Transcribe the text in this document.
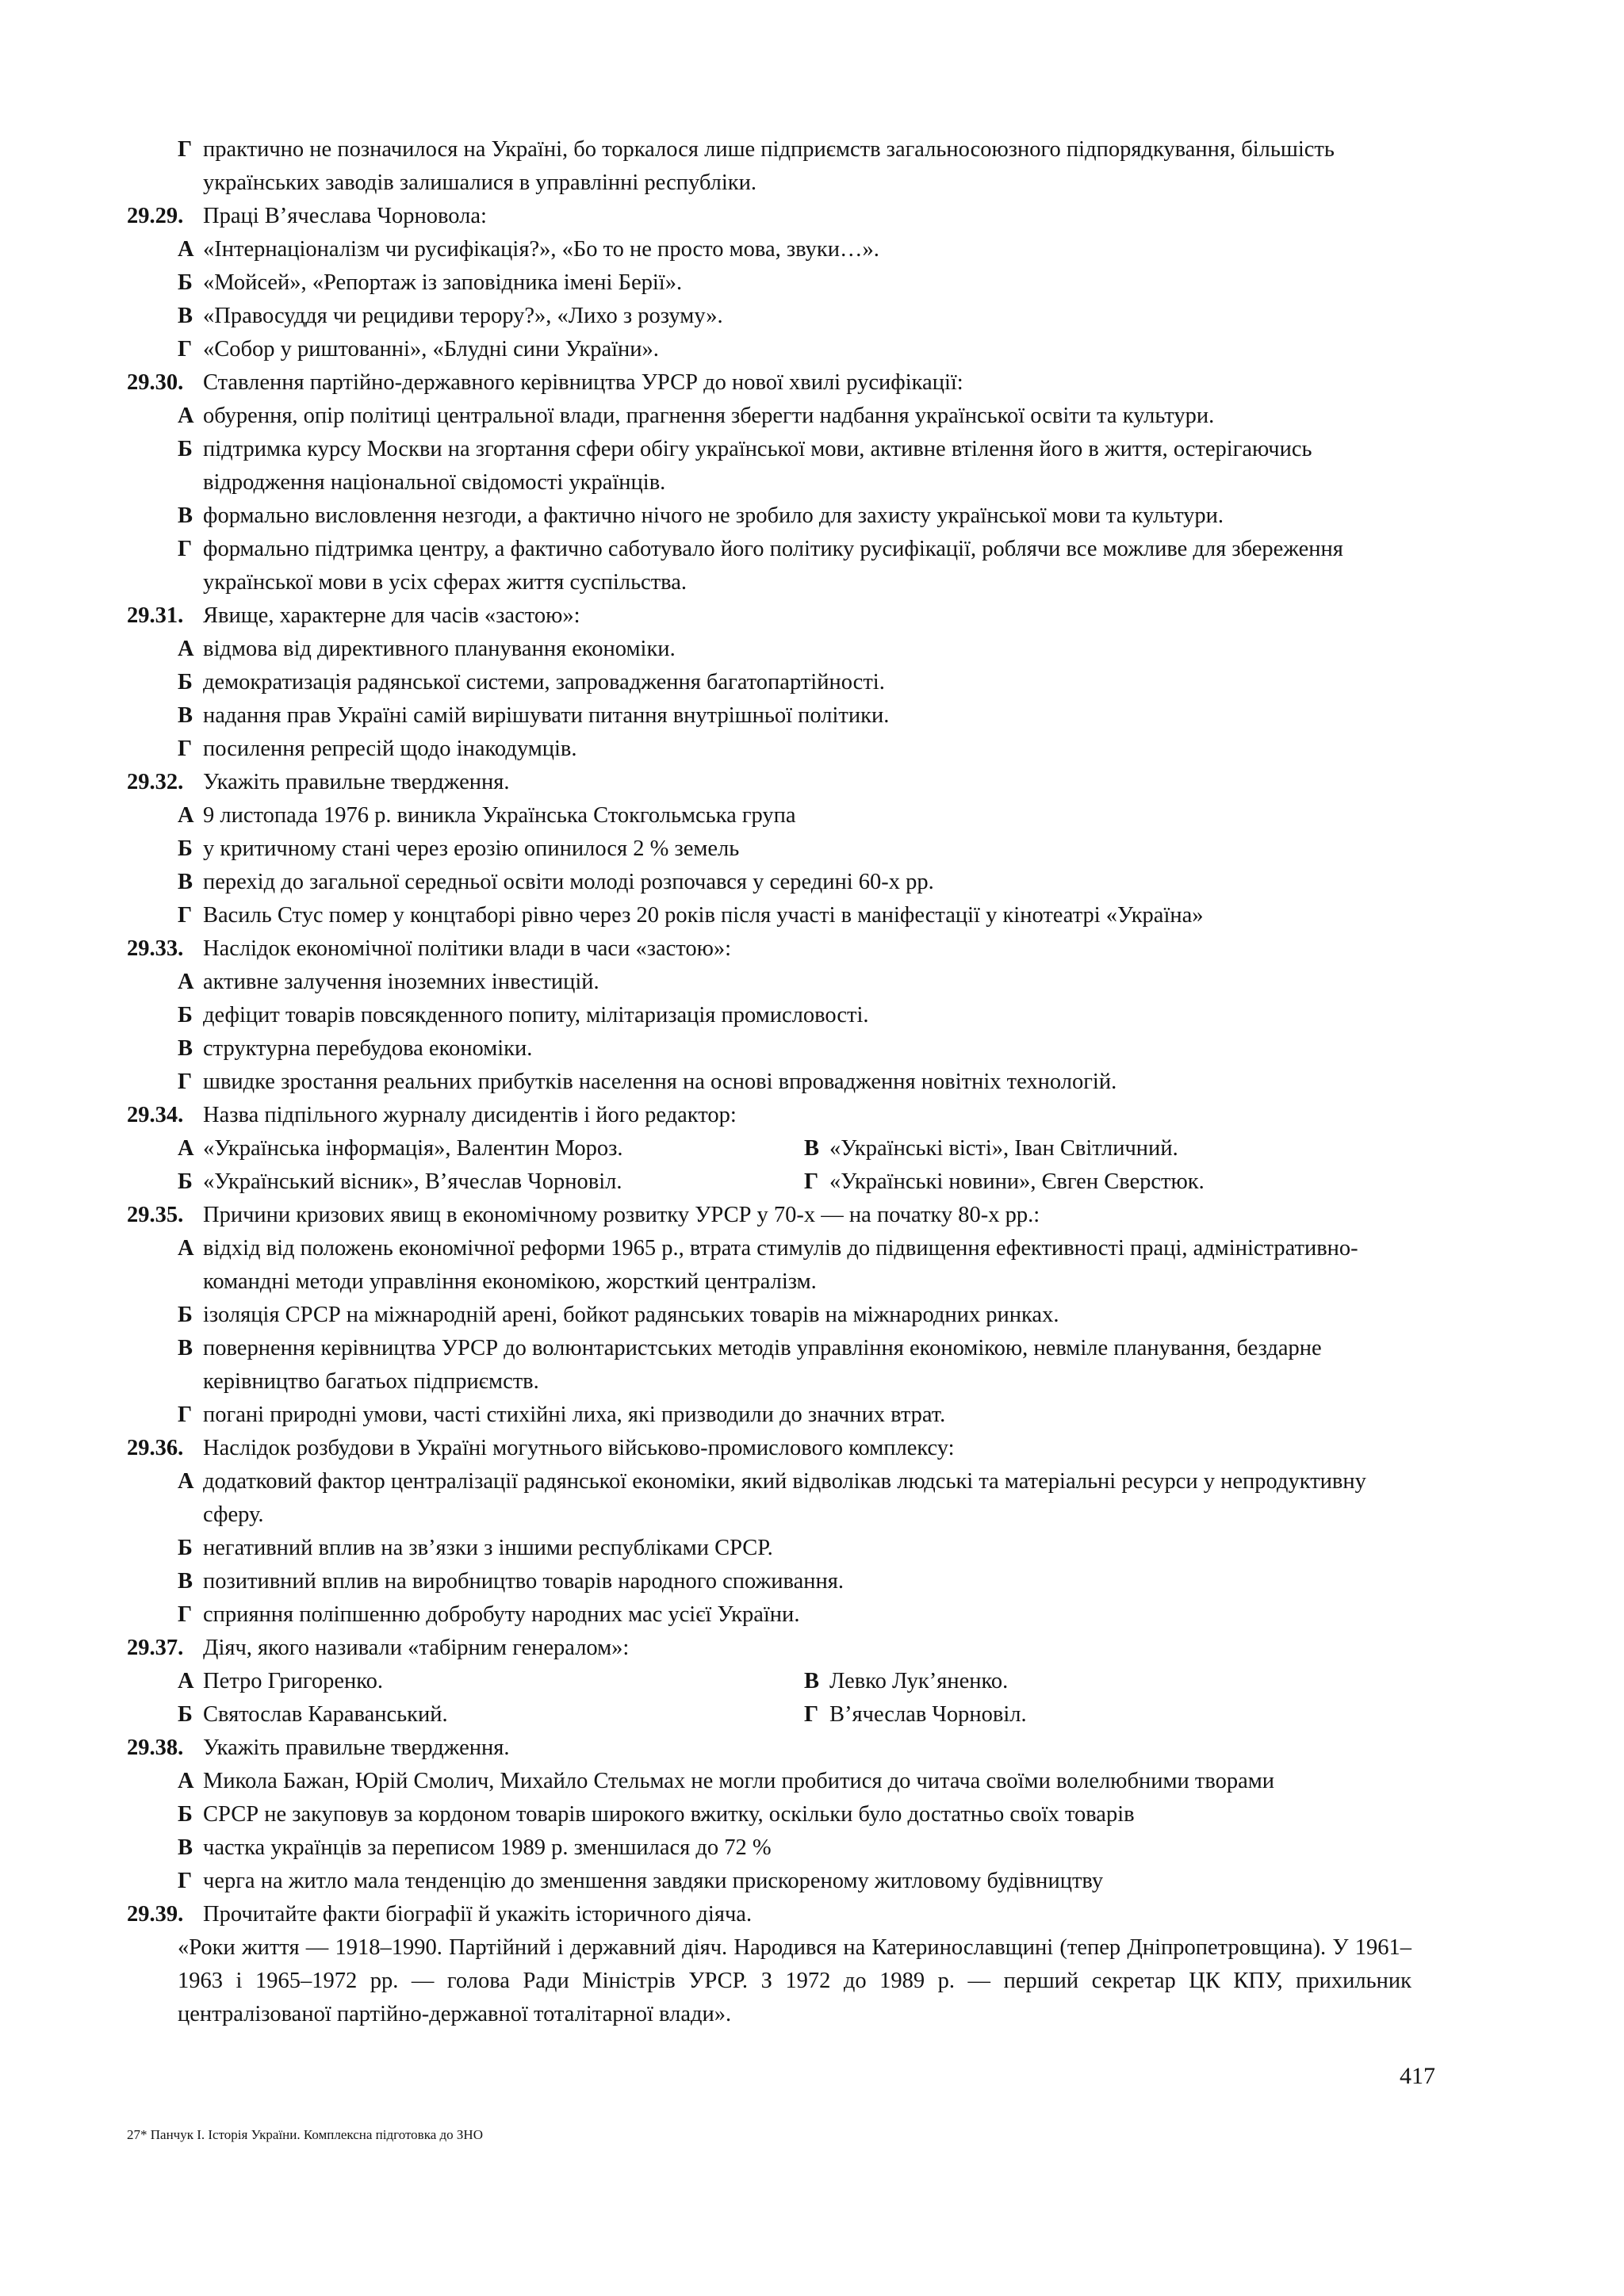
Г практично не позначилося на Україні, бо торкалося лише підприємств загальносоюзного підпорядкування, більшість українських заводів залишалися в управлінні республіки.
29.29. Праці В’ячеслава Чорновола:
А «Інтернаціоналізм чи русифікація?», «Бо то не просто мова, звуки…».
Б «Мойсей», «Репортаж із заповідника імені Берії».
В «Правосуддя чи рецидиви терору?», «Лихо з розуму».
Г «Собор у риштованні», «Блудні сини України».
29.30. Ставлення партійно-державного керівництва УРСР до нової хвилі русифікації:
А обурення, опір політиці центральної влади, прагнення зберегти надбання української освіти та культури.
Б підтримка курсу Москви на згортання сфери обігу української мови, активне втілення його в життя, остерігаючись відродження національної свідомості українців.
В формально висловлення незгоди, а фактично нічого не зробило для захисту української мови та культури.
Г формально підтримка центру, а фактично саботувало його політику русифікації, роблячи все можливе для збереження української мови в усіх сферах життя суспільства.
29.31. Явище, характерне для часів «застою»:
А відмова від директивного планування економіки.
Б демократизація радянської системи, запровадження багатопартійності.
В надання прав Україні самій вирішувати питання внутрішньої політики.
Г посилення репресій щодо інакодумців.
29.32. Укажіть правильне твердження.
А 9 листопада 1976 р. виникла Українська Стокгольмська група
Б у критичному стані через ерозію опинилося 2 % земель
В перехід до загальної середньої освіти молоді розпочався у середині 60-х рр.
Г Василь Стус помер у концтаборі рівно через 20 років після участі в маніфестації у кінотеатрі «Україна»
29.33. Наслідок економічної політики влади в часи «застою»:
А активне залучення іноземних інвестицій.
Б дефіцит товарів повсякденного попиту, мілітаризація промисловості.
В структурна перебудова економіки.
Г швидке зростання реальних прибутків населення на основі впровадження новітніх технологій.
29.34. Назва підпільного журналу дисидентів і його редактор:
А «Українська інформація», Валентин Мороз.	В «Українські вісті», Іван Світличний.
Б «Український вісник», В’ячеслав Чорновіл.	Г «Українські новини», Євген Сверстюк.
29.35. Причини кризових явищ в економічному розвитку УРСР у 70-х — на початку 80-х рр.:
А відхід від положень економічної реформи 1965 р., втрата стимулів до підвищення ефективності праці, адміністративно-командні методи управління економікою, жорсткий централізм.
Б ізоляція СРСР на міжнародній арені, бойкот радянських товарів на міжнародних ринках.
В повернення керівництва УРСР до волюнтаристських методів управління економікою, невміле планування, бездарне керівництво багатьох підприємств.
Г погані природні умови, часті стихійні лиха, які призводили до значних втрат.
29.36. Наслідок розбудови в Україні могутнього військово-промислового комплексу:
А додатковий фактор централізації радянської економіки, який відволікав людські та матеріальні ресурси у непродуктивну сферу.
Б негативний вплив на зв’язки з іншими республіками СРСР.
В позитивний вплив на виробництво товарів народного споживання.
Г сприяння поліпшенню добробуту народних мас усієї України.
29.37. Діяч, якого називали «табірним генералом»:
А Петро Григоренко.	В Левко Лук’яненко.
Б Святослав Караванський.	Г В’ячеслав Чорновіл.
29.38. Укажіть правильне твердження.
А Микола Бажан, Юрій Смолич, Михайло Стельмах не могли пробитися до читача своїми волелюбними творами
Б СРСР не закуповув за кордоном товарів широкого вжитку, оскільки було достатньо своїх товарів
В частка українців за переписом 1989 р. зменшилася до 72 %
Г черга на житло мала тенденцію до зменшення завдяки прискореному житловому будівництву
29.39. Прочитайте факти біографії й укажіть історичного діяча.
«Роки життя — 1918–1990. Партійний і державний діяч. Народився на Катеринославщині (тепер Дніпропетровщина). У 1961–1963 і 1965–1972 рр. — голова Ради Міністрів УРСР. З 1972 до 1989 р. — перший секретар ЦК КПУ, прихильник централізованої партійно-державної тоталітарної влади».
417
27* Панчук І. Історія України. Комплексна підготовка до ЗНО
